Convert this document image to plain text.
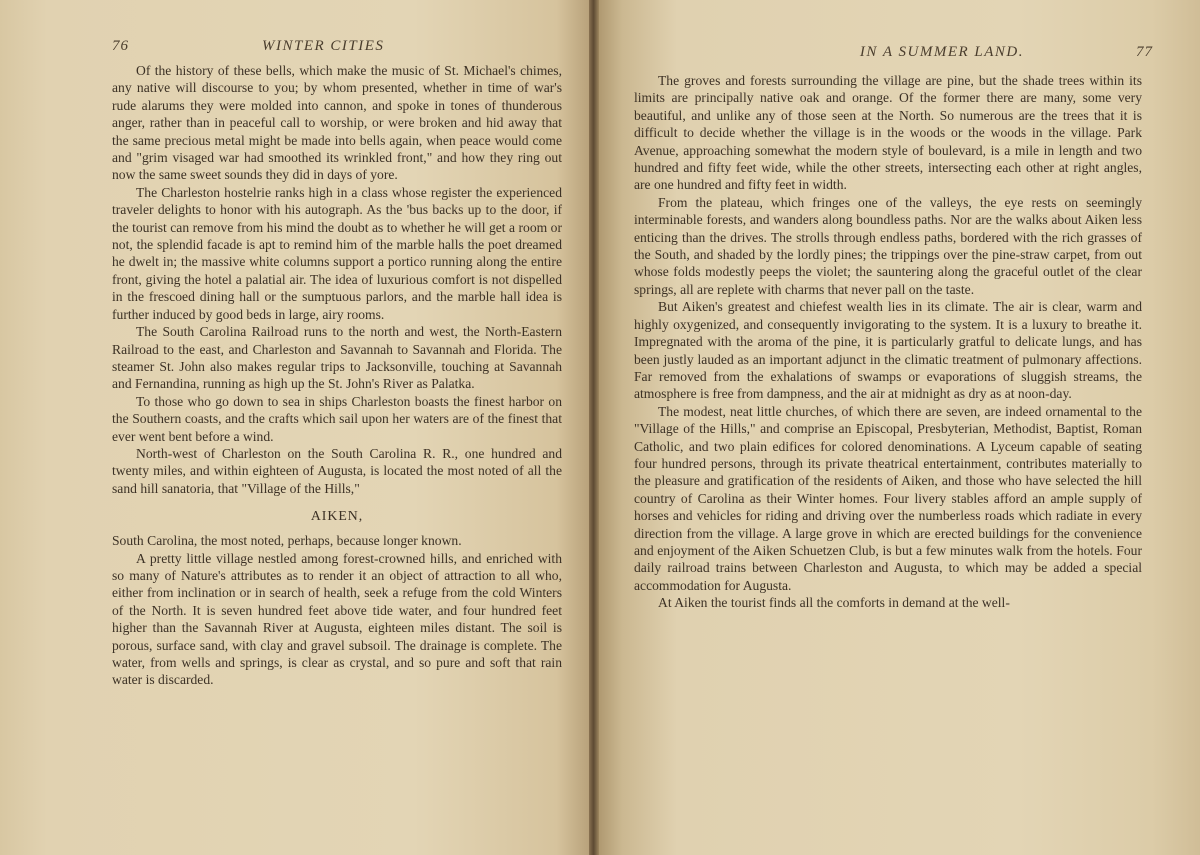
76	WINTER CITIES

Of the history of these bells, which make the music of St. Michael's chimes, any native will discourse to you; by whom presented, whether in time of war's rude alarums they were molded into cannon, and spoke in tones of thunderous anger, rather than in peaceful call to worship, or were broken and hid away that the same precious metal might be made into bells again, when peace would come and "grim visaged war had smoothed its wrinkled front," and how they ring out now the same sweet sounds they did in days of yore.

The Charleston hostelrie ranks high in a class whose register the experienced traveler delights to honor with his autograph. As the 'bus backs up to the door, if the tourist can remove from his mind the doubt as to whether he will get a room or not, the splendid facade is apt to remind him of the marble halls the poet dreamed he dwelt in; the massive white columns support a portico running along the entire front, giving the hotel a palatial air. The idea of luxurious comfort is not dispelled in the frescoed dining hall or the sumptuous parlors, and the marble hall idea is further induced by good beds in large, airy rooms.

The South Carolina Railroad runs to the north and west, the North-Eastern Railroad to the east, and Charleston and Savannah to Savannah and Florida. The steamer St. John also makes regular trips to Jacksonville, touching at Savannah and Fernandina, running as high up the St. John's River as Palatka.

To those who go down to sea in ships Charleston boasts the finest harbor on the Southern coasts, and the crafts which sail upon her waters are of the finest that ever went bent before a wind.

North-west of Charleston on the South Carolina R. R., one hundred and twenty miles, and within eighteen of Augusta, is located the most noted of all the sand hill sanatoria, that "Village of the Hills,"

AIKEN,

South Carolina, the most noted, perhaps, because longer known.

A pretty little village nestled among forest-crowned hills, and enriched with so many of Nature's attributes as to render it an object of attraction to all who, either from inclination or in search of health, seek a refuge from the cold Winters of the North. It is seven hundred feet above tide water, and four hundred feet higher than the Savannah River at Augusta, eighteen miles distant. The soil is porous, surface sand, with clay and gravel subsoil. The drainage is complete. The water, from wells and springs, is clear as crystal, and so pure and soft that rain water is discarded.

IN A SUMMER LAND.	77

The groves and forests surrounding the village are pine, but the shade trees within its limits are principally native oak and orange. Of the former there are many, some very beautiful, and unlike any of those seen at the North. So numerous are the trees that it is difficult to decide whether the village is in the woods or the woods in the village. Park Avenue, approaching somewhat the modern style of boulevard, is a mile in length and two hundred and fifty feet wide, while the other streets, intersecting each other at right angles, are one hundred and fifty feet in width.

From the plateau, which fringes one of the valleys, the eye rests on seemingly interminable forests, and wanders along boundless paths. Nor are the walks about Aiken less enticing than the drives. The strolls through endless paths, bordered with the rich grasses of the South, and shaded by the lordly pines; the trippings over the pine-straw carpet, from out whose folds modestly peeps the violet; the sauntering along the graceful outlet of the clear springs, all are replete with charms that never pall on the taste.

But Aiken's greatest and chiefest wealth lies in its climate. The air is clear, warm and highly oxygenized, and consequently invigorating to the system. It is a luxury to breathe it. Impregnated with the aroma of the pine, it is particularly gratful to delicate lungs, and has been justly lauded as an important adjunct in the climatic treatment of pulmonary affections. Far removed from the exhalations of swamps or evaporations of sluggish streams, the atmosphere is free from dampness, and the air at midnight as dry as at noon-day.

The modest, neat little churches, of which there are seven, are indeed ornamental to the "Village of the Hills," and comprise an Episcopal, Presbyterian, Methodist, Baptist, Roman Catholic, and two plain edifices for colored denominations. A Lyceum capable of seating four hundred persons, through its private theatrical entertainment, contributes materially to the pleasure and gratification of the residents of Aiken, and those who have selected the hill country of Carolina as their Winter homes. Four livery stables afford an ample supply of horses and vehicles for riding and driving over the numberless roads which radiate in every direction from the village. A large grove in which are erected buildings for the convenience and enjoyment of the Aiken Schuetzen Club, is but a few minutes walk from the hotels. Four daily railroad trains between Charleston and Augusta, to which may be added a special accommodation for Augusta.

At Aiken the tourist finds all the comforts in demand at the well-
